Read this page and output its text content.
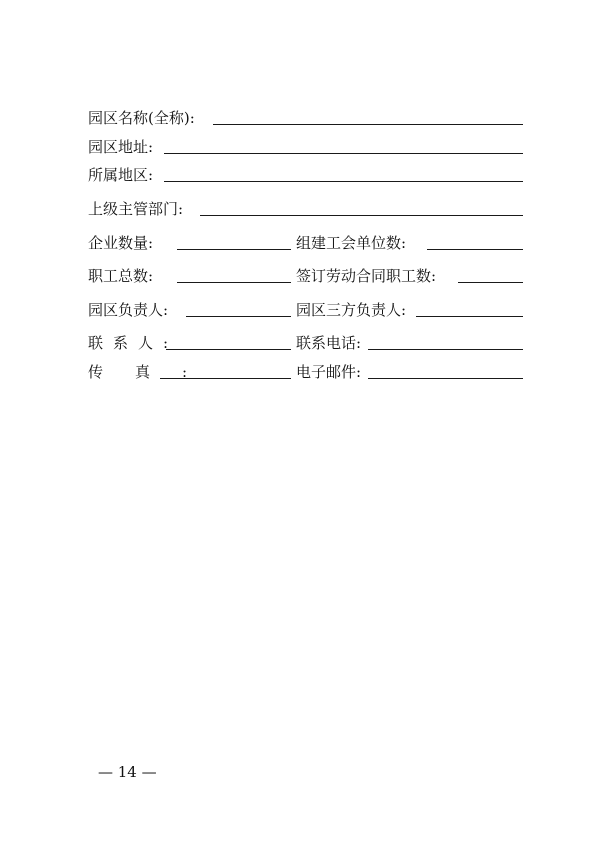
园区名称(全称):
园区地址:
所属地区:
上级主管部门:
企业数量:	组建工会单位数:
职工总数:	签订劳动合同职工数:
园区负责人:	园区三方负责人:
联系人:	联系电话:
传真:	电子邮件:
— 14 —
